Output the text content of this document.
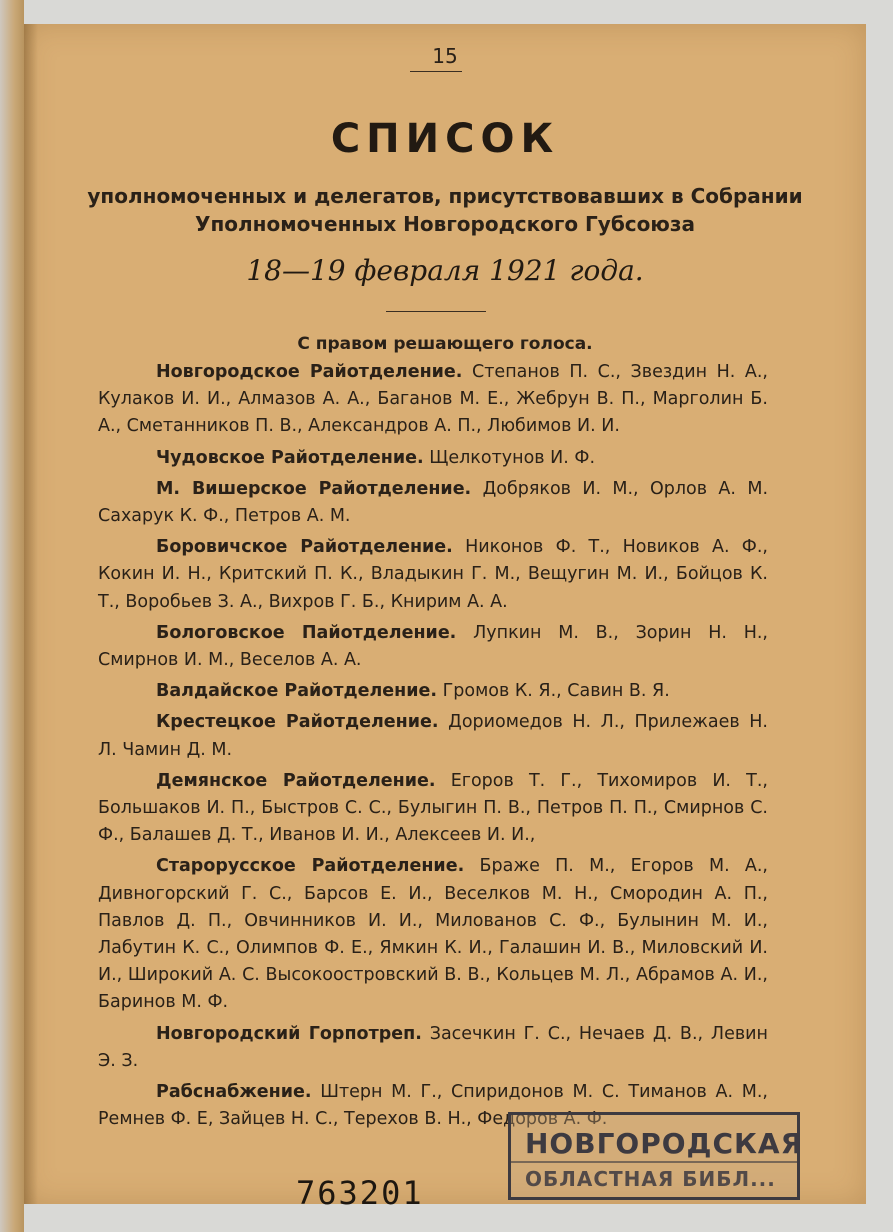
15
СПИСОК
уполномоченных и делегатов, присутствовавших в Собрании Уполномоченных Новгородского Губсоюза
18—19 февраля 1921 года.
С правом решающего голоса.

Новгородское Райотделение. Степанов П. С., Звездин Н. А., Кулаков И. И., Алмазов А. А., Баганов М. Е., Жебрун В. П., Марголин Б. А., Сметанников П. В., Александров А. П., Любимов И. И.

Чудовское Райотделение. Щелкотунов И. Ф.

М. Вишерское Райотделение. Добряков И. М., Орлов А. М. Сахарук К. Ф., Петров А. М.

Боровичское Райотделение. Никонов Ф. Т., Новиков А. Ф., Кокин И. Н., Критский П. К., Владыкин Г. М., Вещугин М. И., Бойцов К. Т., Воробьев З. А., Вихров Г. Б., Книрим А. А.

Бологовское Пайотделение. Лупкин М. В., Зорин Н. Н., Смирнов И. М., Веселов А. А.

Валдайское Райотделение. Громов К. Я., Савин В. Я.

Крестецкое Райотделение. Дориомедов Н. Л., Прилежаев Н. Л. Чамин Д. М.

Демянское Райотделение. Егоров Т. Г., Тихомиров И. Т., Большаков И. П., Быстров С. С., Булыгин П. В., Петров П. П., Смирнов С. Ф., Балашев Д. Т., Иванов И. И., Алексеев И. И.,

Старорусское Райотделение. Браже П. М., Егоров М. А., Дивногорский Г. С., Барсов Е. И., Веселков М. Н., Смородин А. П., Павлов Д. П., Овчинников И. И., Милованов С. Ф., Булынин М. И., Лабутин К. С., Олимпов Ф. Е., Ямкин К. И., Галашин И. В., Миловский И. И., Широкий А. С. Высокоостровский В. В., Кольцев М. Л., Абрамов А. И., Баринов М. Ф.

Новгородский Горпотреп. Засечкин Г. С., Нечаев Д. В., Левин Э. З.

Рабснабжение. Штерн М. Г., Спиридонов М. С. Тиманов А. М., Ремнев Ф. Е, Зайцев Н. С., Терехов В. Н., Федоров А. Ф.

763201
НОВГОРОДСКАЯ
ОБЛАСТНАЯ БИБЛ...
